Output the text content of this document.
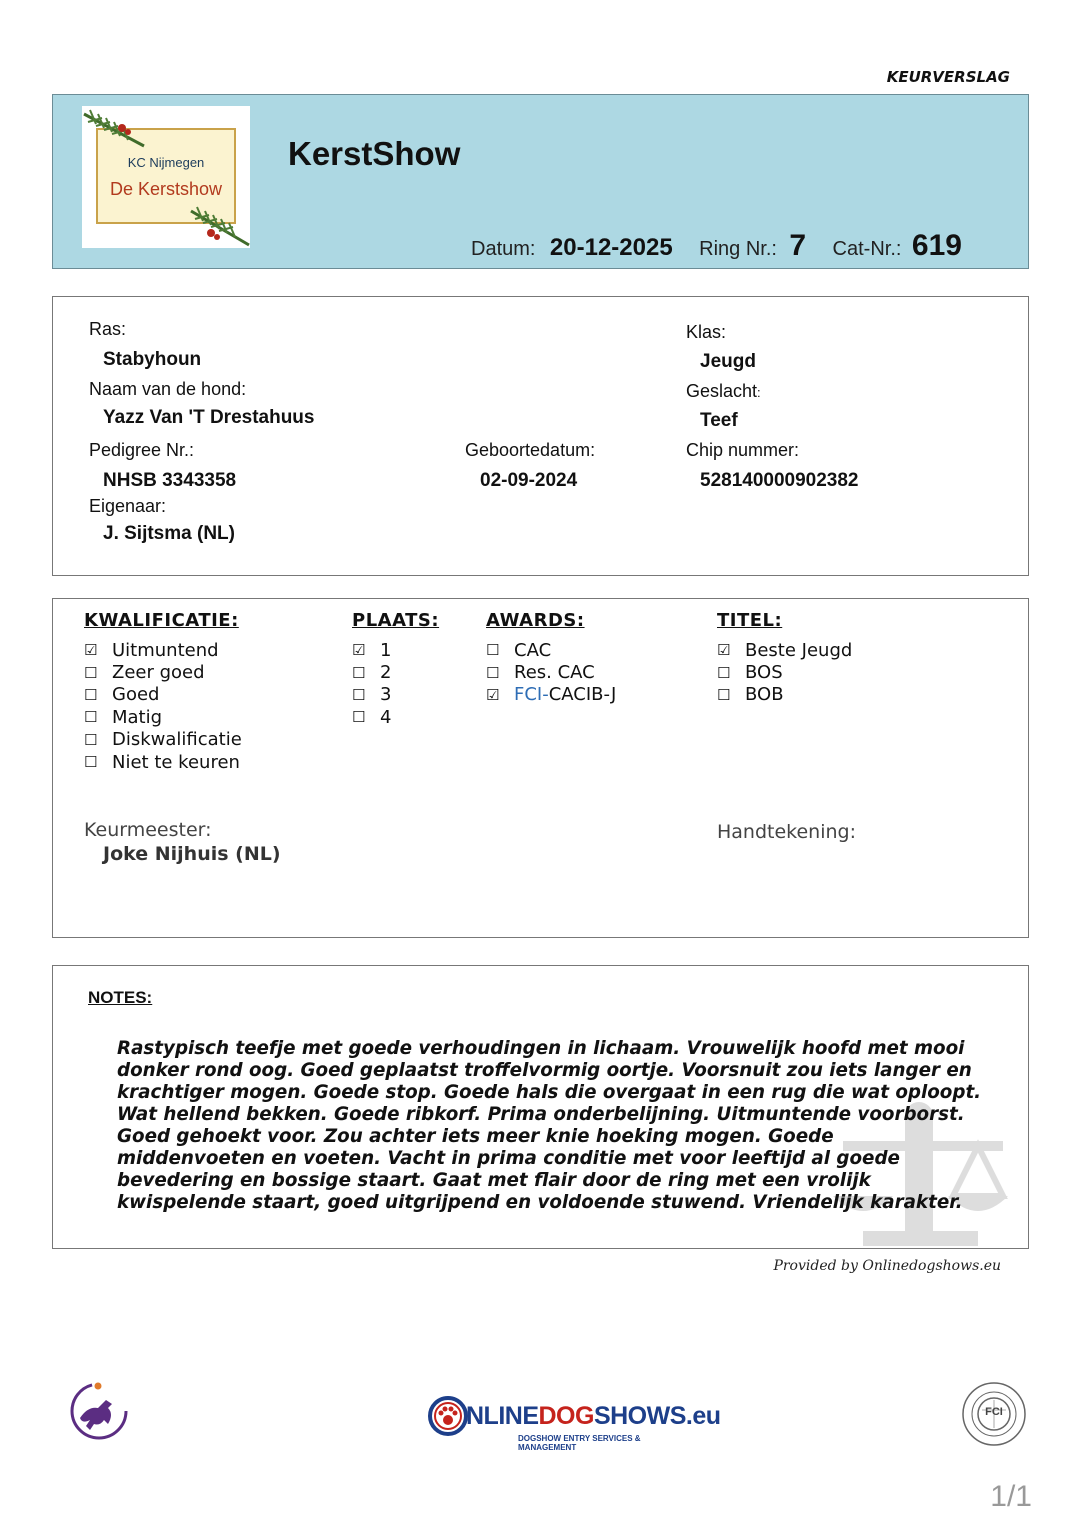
KEURVERSLAG
KC Nijmegen
De Kerstshow
KerstShow
Datum: 20-12-2025 Ring Nr.: 7 Cat-Nr.: 619
Ras:
Stabyhoun
Naam van de hond:
Yazz Van 'T Drestahuus
Pedigree Nr.:
NHSB 3343358
Geboortedatum:
02-09-2024
Eigenaar:
J. Sijtsma (NL)
Klas:
Jeugd
Geslacht:
Teef
Chip nummer:
528140000902382
KWALIFICATIE:
☑ Uitmuntend
☐ Zeer goed
☐ Goed
☐ Matig
☐ Diskwalificatie
☐ Niet te keuren
PLAATS:
☑ 1
☐ 2
☐ 3
☐ 4
AWARDS:
☐ CAC
☐ Res. CAC
☑ FCI- CACIB-J
TITEL:
☑ Beste Jeugd
☐ BOS
☐ BOB
Keurmeester:
Joke Nijhuis (NL)
Handtekening:
NOTES:
Rastypisch teefje met goede verhoudingen in lichaam. Vrouwelijk hoofd met mooi donker rond oog. Goed geplaatst troffelvormig oortje. Voorsnuit zou iets langer en krachtiger mogen. Goede stop. Goede hals die overgaat in een rug die wat oploopt. Wat hellend bekken. Goede ribkorf. Prima onderbelijning. Uitmuntende voorborst. Goed gehoekt voor. Zou achter iets meer knie hoeking mogen. Goede middenvoeten en voeten. Vacht in prima conditie met voor leeftijd al goede bevedering en bossige staart. Gaat met flair door de ring met een vrolijk kwispelende staart, goed uitgrijpend en voldoende stuwend. Vriendelijk karakter.
Provided by Onlinedogshows.eu
NLINEDOGSHOWS.eu
DOGSHOW ENTRY SERVICES & MANAGEMENT
FCI
1/1
